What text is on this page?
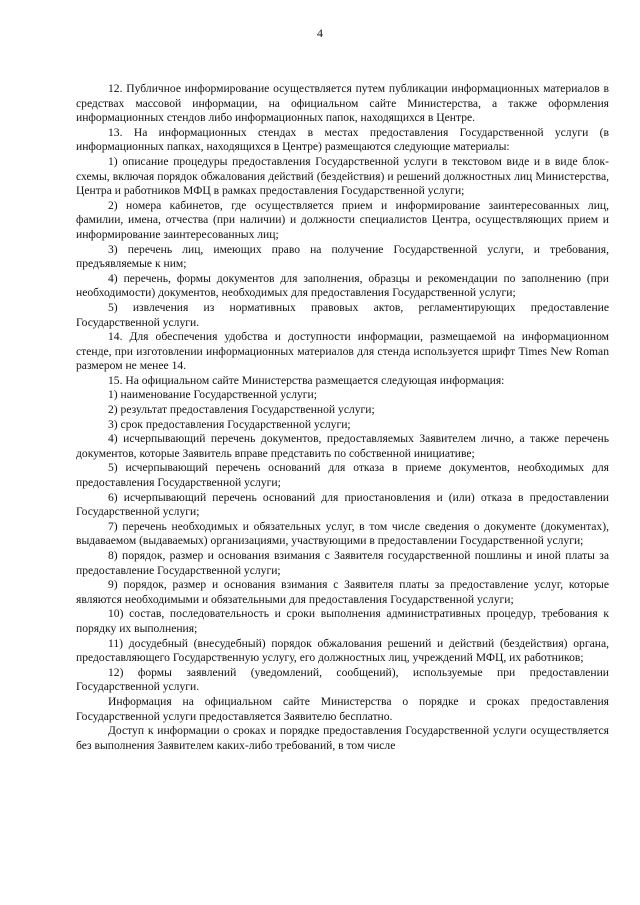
4

12. Публичное информирование осуществляется путем публикации информационных материалов в средствах массовой информации, на официальном сайте Министерства, а также оформления информационных стендов либо информационных папок, находящихся в Центре.

13. На информационных стендах в местах предоставления Государственной услуги (в информационных папках, находящихся в Центре) размещаются следующие материалы:

1) описание процедуры предоставления Государственной услуги в текстовом виде и в виде блок-схемы, включая порядок обжалования действий (бездействия) и решений должностных лиц Министерства, Центра и работников МФЦ в рамках предоставления Государственной услуги;

2) номера кабинетов, где осуществляется прием и информирование заинтересованных лиц, фамилии, имена, отчества (при наличии) и должности специалистов Центра, осуществляющих прием и информирование заинтересованных лиц;

3) перечень лиц, имеющих право на получение Государственной услуги, и требования, предъявляемые к ним;

4) перечень, формы документов для заполнения, образцы и рекомендации по заполнению (при необходимости) документов, необходимых для предоставления Государственной услуги;

5) извлечения из нормативных правовых актов, регламентирующих предоставление Государственной услуги.

14. Для обеспечения удобства и доступности информации, размещаемой на информационном стенде, при изготовлении информационных материалов для стенда используется шрифт Times New Roman размером не менее 14.

15. На официальном сайте Министерства размещается следующая информация:

1) наименование Государственной услуги;

2) результат предоставления Государственной услуги;

3) срок предоставления Государственной услуги;

4) исчерпывающий перечень документов, предоставляемых Заявителем лично, а также перечень документов, которые Заявитель вправе представить по собственной инициативе;

5) исчерпывающий перечень оснований для отказа в приеме документов, необходимых для предоставления Государственной услуги;

6) исчерпывающий перечень оснований для приостановления и (или) отказа в предоставлении Государственной услуги;

7) перечень необходимых и обязательных услуг, в том числе сведения о документе (документах), выдаваемом (выдаваемых) организациями, участвующими в предоставлении Государственной услуги;

8) порядок, размер и основания взимания с Заявителя государственной пошлины и иной платы за предоставление Государственной услуги;

9) порядок, размер и основания взимания с Заявителя платы за предоставление услуг, которые являются необходимыми и обязательными для предоставления Государственной услуги;

10) состав, последовательность и сроки выполнения административных процедур, требования к порядку их выполнения;

11) досудебный (внесудебный) порядок обжалования решений и действий (бездействия) органа, предоставляющего Государственную услугу, его должностных лиц, учреждений МФЦ, их работников;

12) формы заявлений (уведомлений, сообщений), используемые при предоставлении Государственной услуги.

Информация на официальном сайте Министерства о порядке и сроках предоставления Государственной услуги предоставляется Заявителю бесплатно.

Доступ к информации о сроках и порядке предоставления Государственной услуги осуществляется без выполнения Заявителем каких-либо требований, в том числе
